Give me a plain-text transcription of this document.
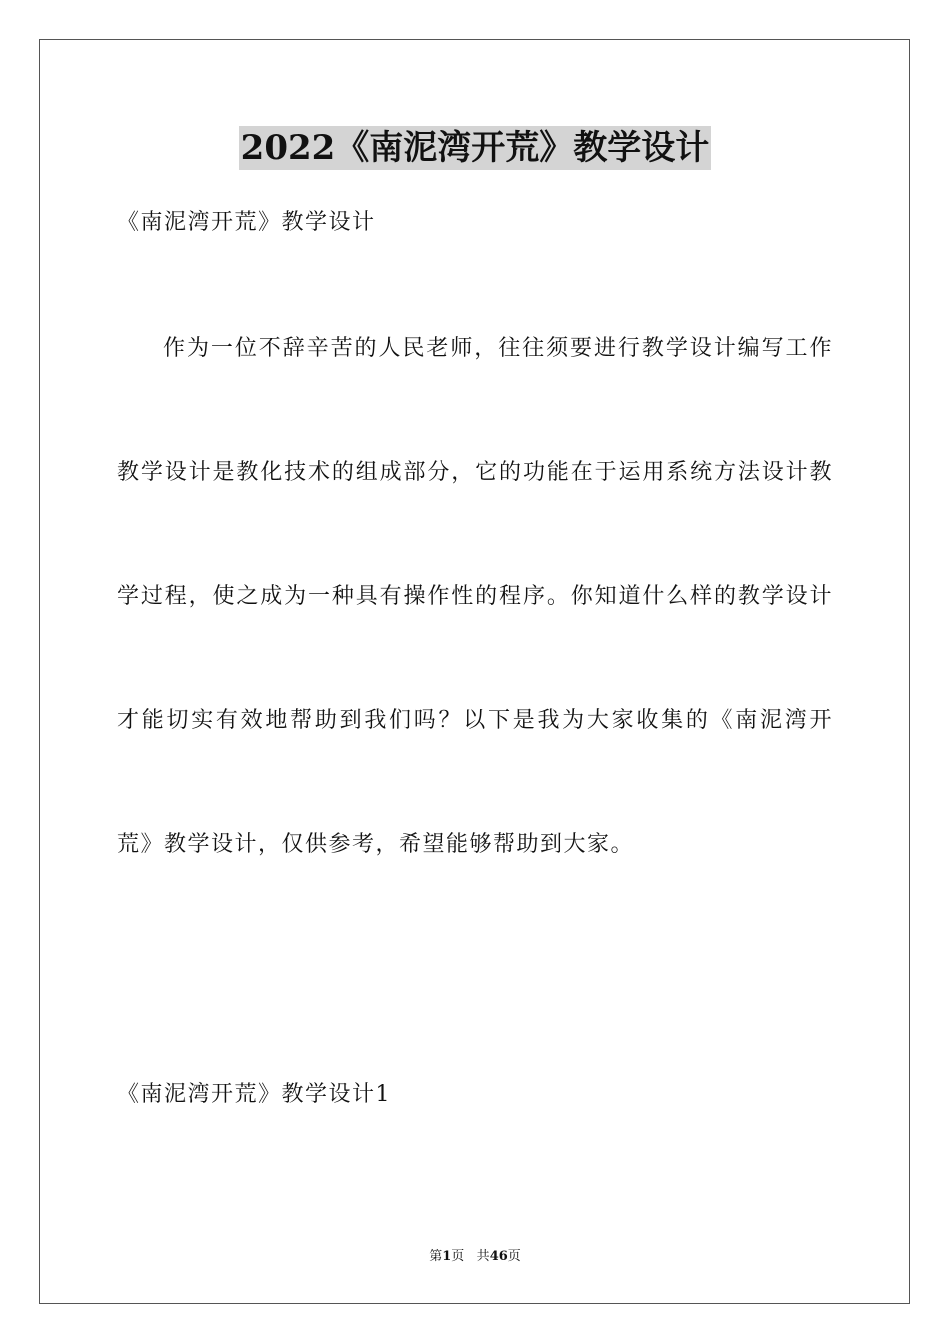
2022《南泥湾开荒》教学设计
《南泥湾开荒》教学设计
作为一位不辞辛苦的人民老师，往往须要进行教学设计编写工作
教学设计是教化技术的组成部分，它的功能在于运用系统方法设计教
学过程，使之成为一种具有操作性的程序。你知道什么样的教学设计
才能切实有效地帮助到我们吗？以下是我为大家收集的《南泥湾开
荒》教学设计，仅供参考，希望能够帮助到大家。
《南泥湾开荒》教学设计1
第1页 共46页
